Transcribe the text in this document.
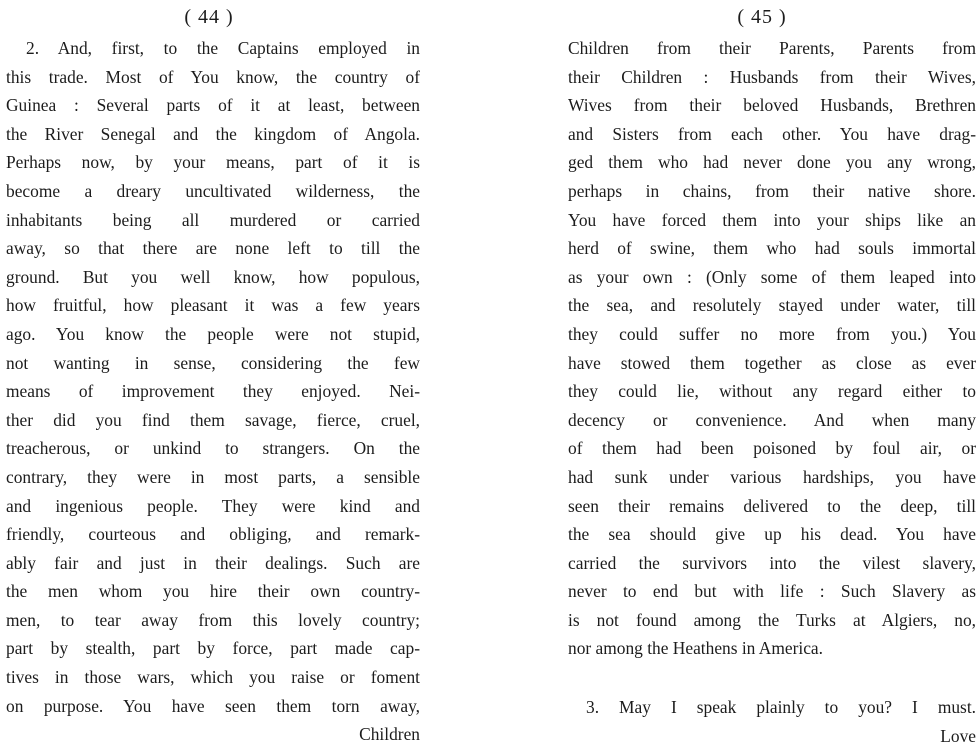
( 44 )
2. And, first, to the Captains employed in
this trade. Most of You know, the country of
Guinea : Several parts of it at least, between
the River Senegal and the kingdom of Angola.
Perhaps now, by your means, part of it is
become a dreary uncultivated wilderness, the
inhabitants being all murdered or carried
away, so that there are none left to till the
ground. But you well know, how populous,
how fruitful, how pleasant it was a few years
ago. You know the people were not stupid,
not wanting in sense, considering the few
means of improvement they enjoyed. Nei-
ther did you find them savage, fierce, cruel,
treacherous, or unkind to strangers. On the
contrary, they were in most parts, a sensible
and ingenious people. They were kind and
friendly, courteous and obliging, and remark-
ably fair and just in their dealings. Such are
the men whom you hire their own country-
men, to tear away from this lovely country;
part by stealth, part by force, part made cap-
tives in those wars, which you raise or foment
on purpose. You have seen them torn away,
Children
( 45 )
Children from their Parents, Parents from
their Children : Husbands from their Wives,
Wives from their beloved Husbands, Brethren
and Sisters from each other. You have drag-
ged them who had never done you any wrong,
perhaps in chains, from their native shore.
You have forced them into your ships like an
herd of swine, them who had souls immortal
as your own : (Only some of them leaped into
the sea, and resolutely stayed under water, till
they could suffer no more from you.) You
have stowed them together as close as ever
they could lie, without any regard either to
decency or convenience. And when many
of them had been poisoned by foul air, or
had sunk under various hardships, you have
seen their remains delivered to the deep, till
the sea should give up his dead. You have
carried the survivors into the vilest slavery,
never to end but with life : Such Slavery as
is not found among the Turks at Algiers, no,
nor among the Heathens in America.
3. May I speak plainly to you? I must.
Love
